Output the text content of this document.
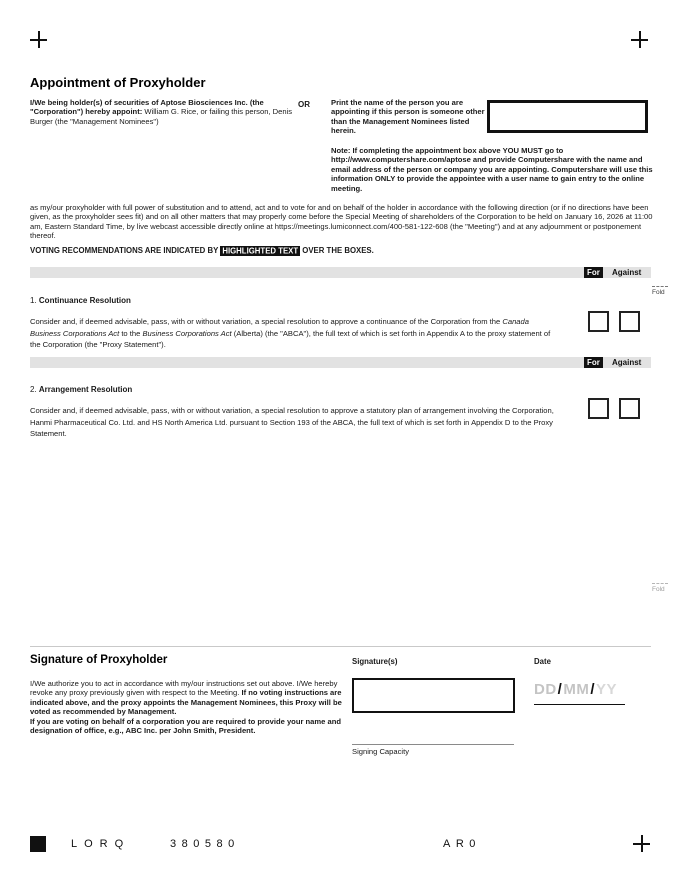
Appointment of Proxyholder

I/We being holder(s) of securities of Aptose Biosciences Inc. (the "Corporation") hereby appoint: William G. Rice, or failing this person, Denis Burger (the "Management Nominees")

OR	Print the name of the person you are appointing if this person is someone other than the Management Nominees listed herein.

Note: If completing the appointment box above YOU MUST go to http://www.computershare.com/aptose and provide Computershare with the name and email address of the person or company you are appointing. Computershare will use this information ONLY to provide the appointee with a user name to gain entry to the online meeting.

as my/our proxyholder with full power of substitution and to attend, act and to vote for and on behalf of the holder in accordance with the following direction (or if no directions have been given, as the proxyholder sees fit) and on all other matters that may properly come before the Special Meeting of shareholders of the Corporation to be held on January 16, 2026 at 11:00 am, Eastern Standard Time, by live webcast accessible directly online at https://meetings.lumiconnect.com/400-581-122-608 (the "Meeting") and at any adjournment or postponement thereof.

VOTING RECOMMENDATIONS ARE INDICATED BY HIGHLIGHTED TEXT OVER THE BOXES.

For	Against
Fold

1. Continuance Resolution

Consider and, if deemed advisable, pass, with or without variation, a special resolution to approve a continuance of the Corporation from the Canada Business Corporations Act to the Business Corporations Act (Alberta) (the "ABCA"), the full text of which is set forth in Appendix A to the proxy statement of the Corporation (the "Proxy Statement").

For	Against

2. Arrangement Resolution

Consider and, if deemed advisable, pass, with or without variation, a special resolution to approve a statutory plan of arrangement involving the Corporation, Hanmi Pharmaceutical Co. Ltd. and HS North America Ltd. pursuant to Section 193 of the ABCA, the full text of which is set forth in Appendix D to the Proxy Statement.

Fold
Signature of Proxyholder

I/We authorize you to act in accordance with my/our instructions set out above. I/We hereby revoke any proxy previously given with respect to the Meeting. If no voting instructions are indicated above, and the proxy appoints the Management Nominees, this Proxy will be voted as recommended by Management.
If you are voting on behalf of a corporation you are required to provide your name and designation of office, e.g., ABC Inc. per John Smith, President.

Signature(s)	Date
DD/MM/YY
Signing Capacity
LORQ	380580	AR0
